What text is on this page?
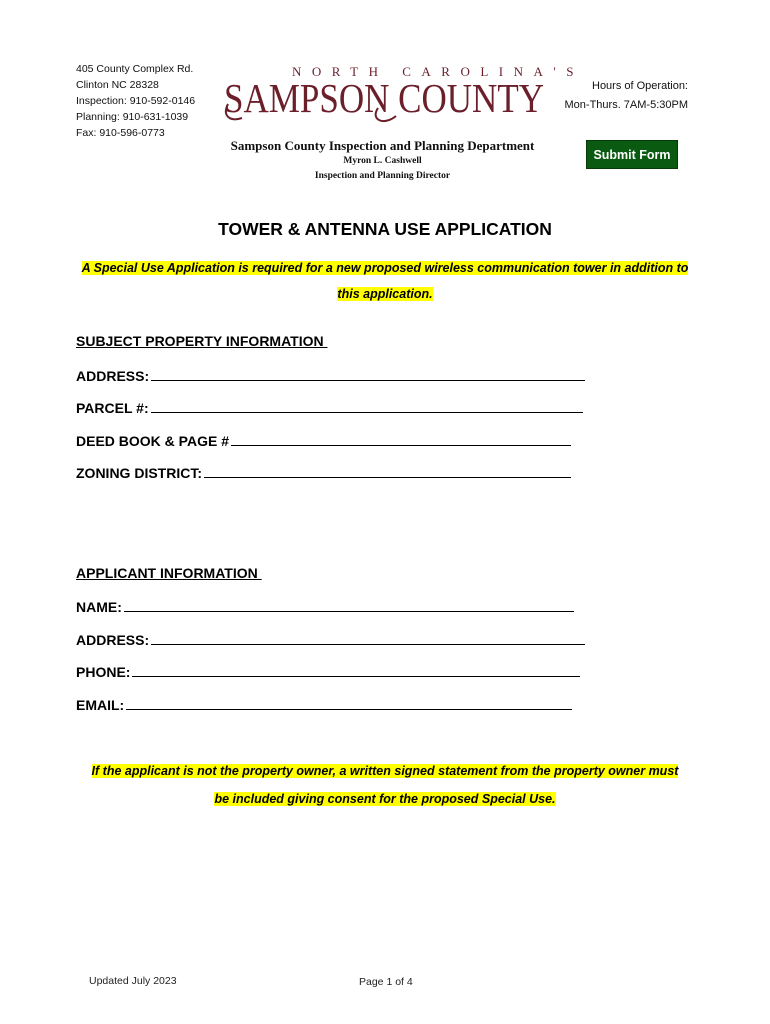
405 County Complex Rd.
Clinton NC 28328
Inspection: 910-592-0146
Planning: 910-631-1039
Fax: 910-596-0773
NORTH CAROLINA'S
SAMPSON COUNTY	Hours of Operation:
Mon-Thurs. 7AM-5:30PM
Sampson County Inspection and Planning Department
Myron L. Cashwell
Inspection and Planning Director
Submit Form
TOWER & ANTENNA USE APPLICATION
A Special Use Application is required for a new proposed wireless communication tower in addition to
this application.
SUBJECT PROPERTY INFORMATION
ADDRESS:
PARCEL #:
DEED BOOK & PAGE #
ZONING DISTRICT:
APPLICANT INFORMATION
NAME:
ADDRESS:
PHONE:
EMAIL:
If the applicant is not the property owner, a written signed statement from the property owner must
be included giving consent for the proposed Special Use.
Updated July 2023	Page 1 of 4
